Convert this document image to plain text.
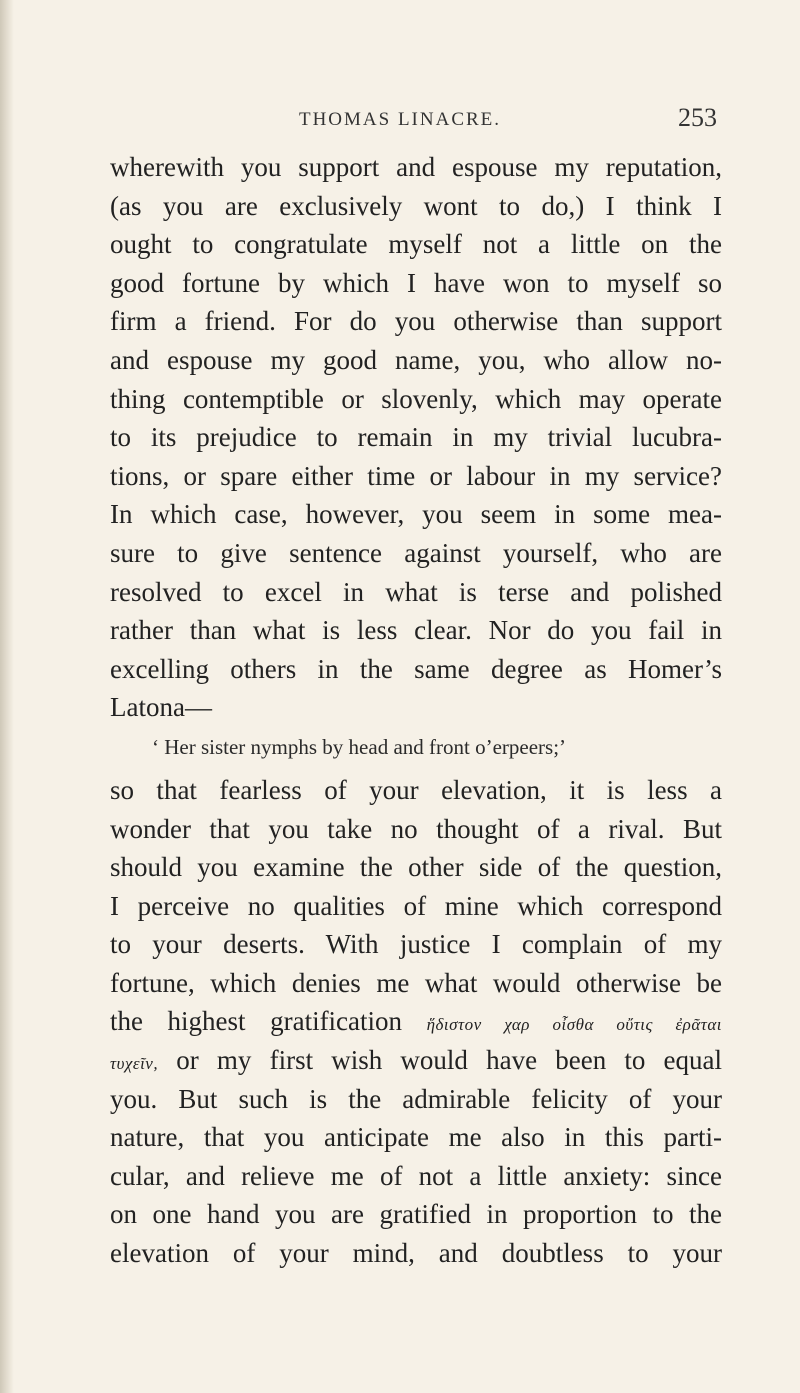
THOMAS LINACRE.	253
wherewith you support and espouse my reputation,
(as you are exclusively wont to do,) I think I
ought to congratulate myself not a little on the
good fortune by which I have won to myself so
firm a friend. For do you otherwise than support
and espouse my good name, you, who allow no-
thing contemptible or slovenly, which may operate
to its prejudice to remain in my trivial lucubra-
tions, or spare either time or labour in my service?
In which case, however, you seem in some mea-
sure to give sentence against yourself, who are
resolved to excel in what is terse and polished
rather than what is less clear. Nor do you fail in
excelling others in the same degree as Homer’s
Latona—
‘ Her sister nymphs by head and front o’erpeers;’
so that fearless of your elevation, it is less a
wonder that you take no thought of a rival. But
should you examine the other side of the question,
I perceive no qualities of mine which correspond
to your deserts. With justice I complain of my
fortune, which denies me what would otherwise be
the highest gratification ἥδιστον χαρ οἶσθα οὔτις ἐρᾶται
τυχεῖν, or my first wish would have been to equal
you. But such is the admirable felicity of your
nature, that you anticipate me also in this parti-
cular, and relieve me of not a little anxiety: since
on one hand you are gratified in proportion to the
elevation of your mind, and doubtless to your
